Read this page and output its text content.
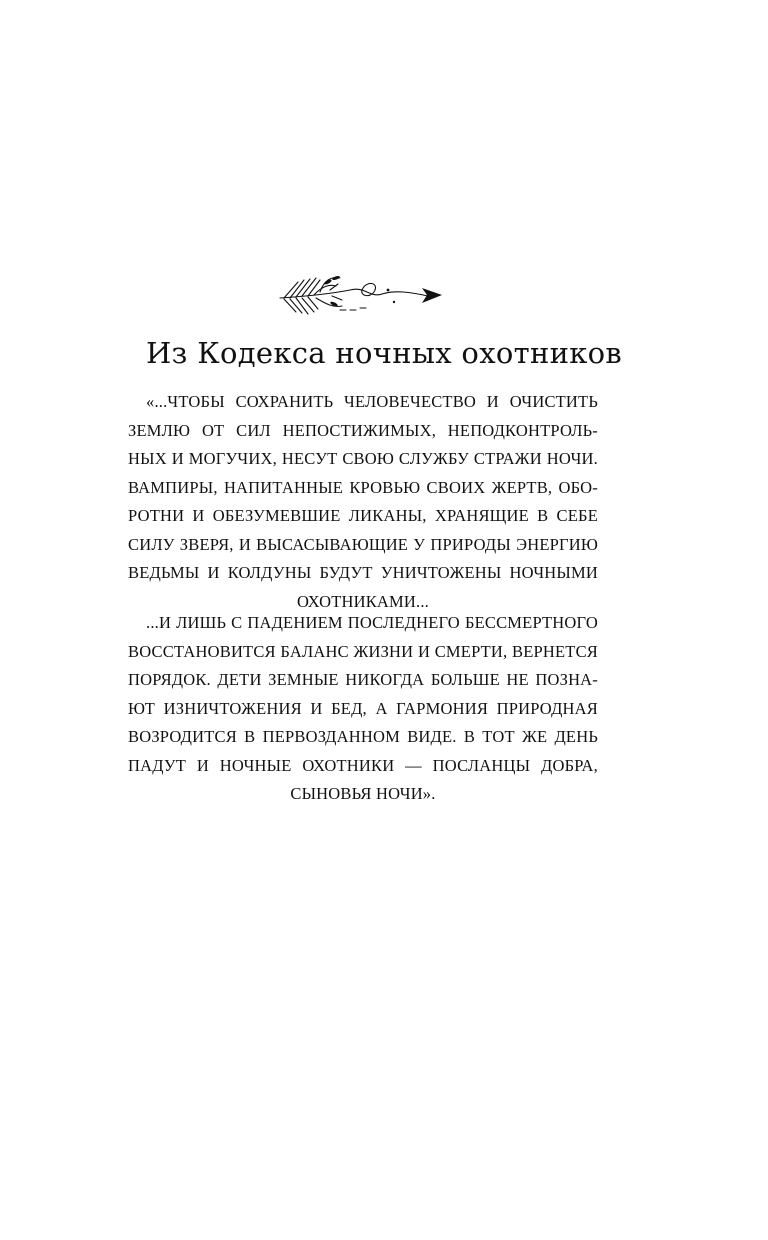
Из Кодекса ночных охотников
«...ЧТОБЫ СОХРАНИТЬ ЧЕЛОВЕЧЕСТВО И ОЧИСТИТЬ
ЗЕМЛЮ ОТ СИЛ НЕПОСТИЖИМЫХ, НЕПОДКОНТРОЛЬ-
НЫХ И МОГУЧИХ, НЕСУТ СВОЮ СЛУЖБУ СТРАЖИ НОЧИ.
ВАМПИРЫ, НАПИТАННЫЕ КРОВЬЮ СВОИХ ЖЕРТВ, ОБО-
РОТНИ И ОБЕЗУМЕВШИЕ ЛИКАНЫ, ХРАНЯЩИЕ В СЕБЕ
СИЛУ ЗВЕРЯ, И ВЫСАСЫВАЮЩИЕ У ПРИРОДЫ ЭНЕРГИЮ
ВЕДЬМЫ И КОЛДУНЫ БУДУТ УНИЧТОЖЕНЫ НОЧНЫМИ
ОХОТНИКАМИ...
...И ЛИШЬ С ПАДЕНИЕМ ПОСЛЕДНЕГО БЕССМЕРТНОГО
ВОССТАНОВИТСЯ БАЛАНС ЖИЗНИ И СМЕРТИ, ВЕРНЕТСЯ
ПОРЯДОК. ДЕТИ ЗЕМНЫЕ НИКОГДА БОЛЬШЕ НЕ ПОЗНА-
ЮТ ИЗНИЧТОЖЕНИЯ И БЕД, А ГАРМОНИЯ ПРИРОДНАЯ
ВОЗРОДИТСЯ В ПЕРВОЗДАННОМ ВИДЕ. В ТОТ ЖЕ ДЕНЬ
ПАДУТ И НОЧНЫЕ ОХОТНИКИ — ПОСЛАНЦЫ ДОБРА,
СЫНОВЬЯ НОЧИ».
